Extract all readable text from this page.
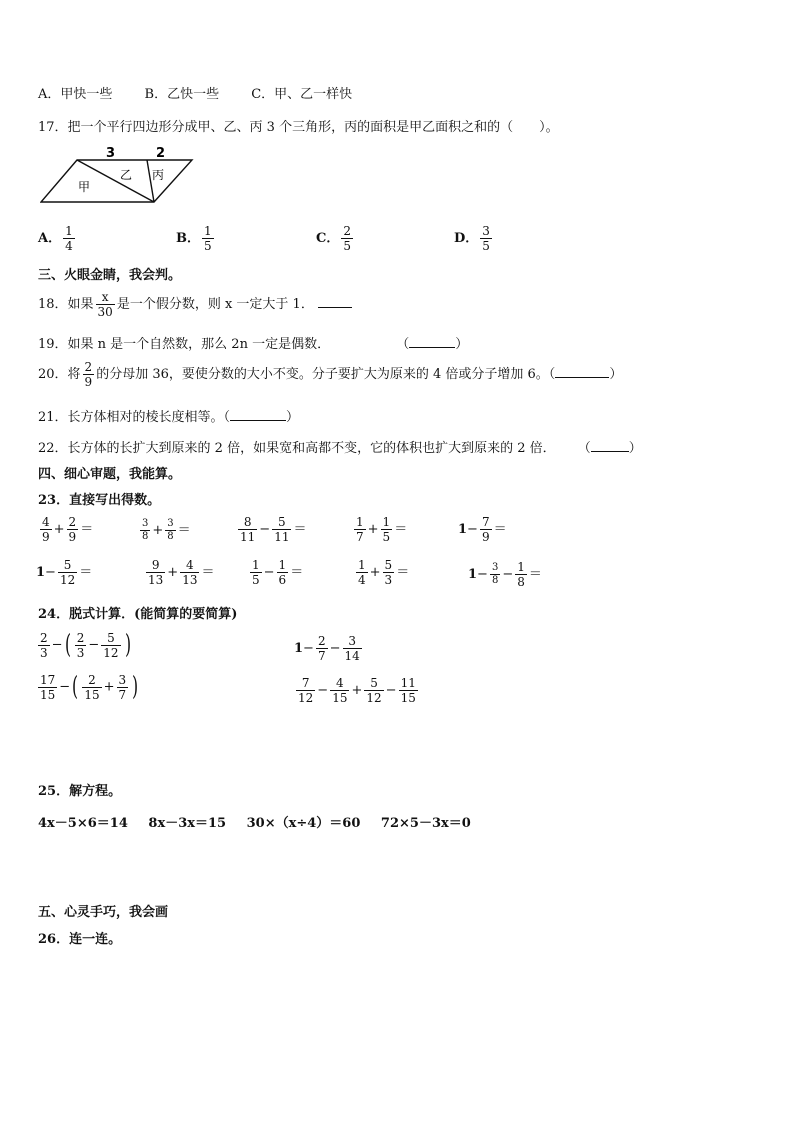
A．甲快一些 B．乙快一些 C．甲、乙一样快
17．把一个平行四边形分成甲、乙、丙 3 个三角形，丙的面积是甲乙面积之和的（　　）。
3	2
甲
乙 丙
A． $\frac{1}{4}$	B． $\frac{1}{5}$	C． $\frac{2}{5}$	D． $\frac{3}{5}$
三、火眼金睛，我会判。
18．如果 $\frac{x}{30}$ 是一个假分数，则 x 一定大于 1．
19．如果 n 是一个自然数，那么 2n 一定是偶数．	（	）
20．将 $\frac{2}{9}$ 的分母加 36，要使分数的大小不变。分子要扩大为原来的 4 倍或分子增加 6。（	）
21．长方体相对的棱长度相等。（	）
22．长方体的长扩大到原来的 2 倍，如果宽和高都不变，它的体积也扩大到原来的 2 倍． （	）
四、细心审题，我能算。
23．直接写出得数。
$\frac{4}{9} + \frac{2}{9}$ ＝	$\frac{3}{8} + \frac{3}{8}$ ＝	$\frac{8}{11} - \frac{5}{11}$ ＝	$\frac{1}{7} + \frac{1}{5}$ ＝	$1- \frac{7}{9}$ ＝
$1- \frac{5}{12}$ ＝	$\frac{9}{13} + \frac{4}{13}$ ＝	$\frac{1}{5} - \frac{1}{6}$ ＝	$\frac{1}{4} + \frac{5}{3}$ ＝	$1- \frac{3}{8} - \frac{1}{8}$ ＝
24．脱式计算．(能简算的要简算)
$\frac{2}{3}$ −( $\frac{2}{3} - \frac{5}{12}$ )	$1- \frac{2}{7} - \frac{3}{14}$
$\frac{17}{15}$ −( $\frac{2}{15} + \frac{3}{7}$ )	$\frac{7}{12} - \frac{4}{15} + \frac{5}{12} - \frac{11}{15}$
25．解方程。
4x－5×6＝14 8x－3x＝15 30×（x÷4）＝60 72×5－3x＝0
五、心灵手巧，我会画
26．连一连。
